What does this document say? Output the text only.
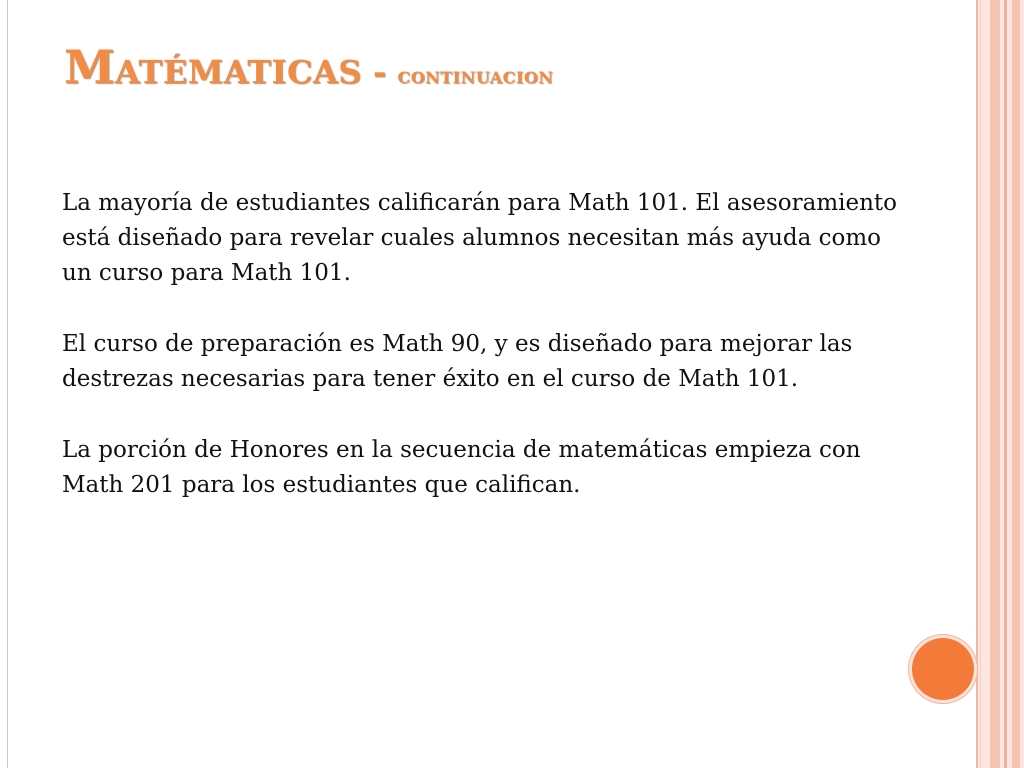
MATÉMATICAS - CONTINUACION

La mayoría de estudiantes calificarán para Math 101. El asesoramiento está diseñado para revelar cuales alumnos necesitan más ayuda como un curso para Math 101.

El curso de preparación es Math 90, y es diseñado para mejorar las destrezas necesarias para tener éxito en el curso de Math 101.

La porción de Honores en la secuencia de matemáticas empieza con Math 201 para los estudiantes que califican.
